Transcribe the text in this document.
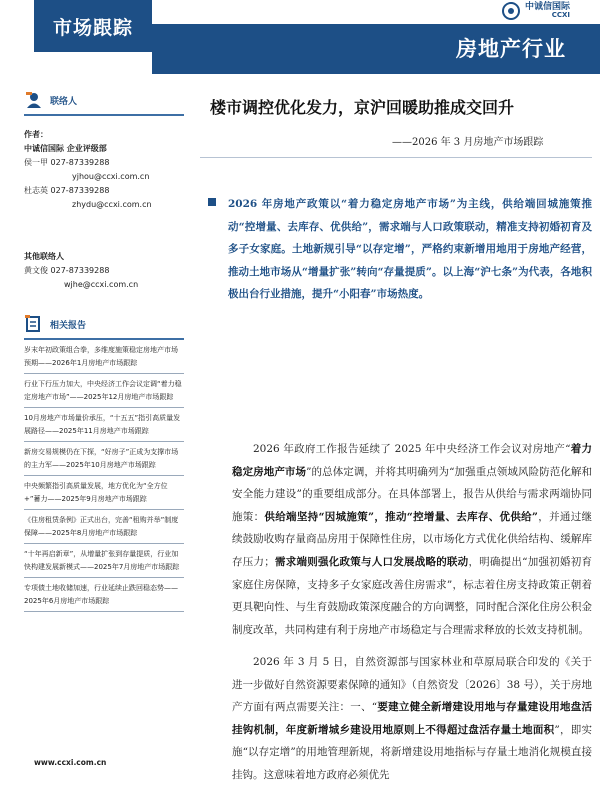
市场跟踪
房地产行业
中诚信国际
CCXI
联络人
作者：
中诚信国际 企业评级部
侯一甲 027-87339288
yjhou@ccxi.com.cn
杜志英 027-87339288
zhydu@ccxi.com.cn
其他联络人
黄文俊 027-87339288
wjhe@ccxi.com.cn
相关报告
岁末年初政策组合拳，多维度施策稳定房地产市场预期——2026年1月房地产市场跟踪
行业下行压力加大，中央经济工作会议定调“着力稳定房地产市场”——2025年12月房地产市场跟踪
10月房地产市场量价承压，“十五五”指引高质量发展路径——2025年11月房地产市场跟踪
新房交易规模仍在下探，“好房子”正成为支撑市场的主力军——2025年10月房地产市场跟踪
中央频繁指引高质量发展，地方优化为“全方位+”蓄力——2025年9月房地产市场跟踪
《住房租赁条例》正式出台，完善“租购并举”制度保障——2025年8月房地产市场跟踪
“十年再启新章”，从增量扩张到存量提质，行业加快构建发展新模式——2025年7月房地产市场跟踪
专项债土地收储加速，行业延续止跌回稳态势——2025年6月房地产市场跟踪
www.ccxi.com.cn
楼市调控优化发力，京沪回暖助推成交回升
——2026 年 3 月房地产市场跟踪
2026 年房地产政策以“着力稳定房地产市场”为主线，供给端回城施策推动“控增量、去库存、优供给”，需求端与人口政策联动，精准支持初婚初育及多子女家庭。土地新规引导“以存定增”，严格约束新增用地用于房地产经营，推动土地市场从“增量扩张”转向“存量提质”。以上海“沪七条”为代表，各地积极出台行业措施，提升“小阳春”市场热度。

2026 年政府工作报告延续了 2025 年中央经济工作会议对房地产“着力稳定房地产市场”的总体定调，并将其明确列为“加强重点领域风险防范化解和安全能力建设”的重要组成部分。在具体部署上，报告从供给与需求两端协同施策：供给端坚持“因城施策”，推动“控增量、去库存、优供给”，并通过继续鼓励收购存量商品房用于保障性住房，以市场化方式优化供给结构、缓解库存压力；需求端则强化政策与人口发展战略的联动，明确提出“加强初婚初育家庭住房保障，支持多子女家庭改善住房需求”，标志着住房支持政策正朝着更具靶向性、与生育鼓励政策深度融合的方向调整，同时配合深化住房公积金制度改革，共同构建有利于房地产市场稳定与合理需求释放的长效支持机制。

2026 年 3 月 5 日，自然资源部与国家林业和草原局联合印发的《关于进一步做好自然资源要素保障的通知》（自然资发〔2026〕38 号），关于房地产方面有两点需要关注：一、“要建立健全新增建设用地与存量建设用地盘活挂钩机制，年度新增城乡建设用地原则上不得超过盘活存量土地面积”，即实施“以存定增”的用地管理新规，将新增建设用地指标与存量土地消化规模直接挂钩。这意味着地方政府必须优先
